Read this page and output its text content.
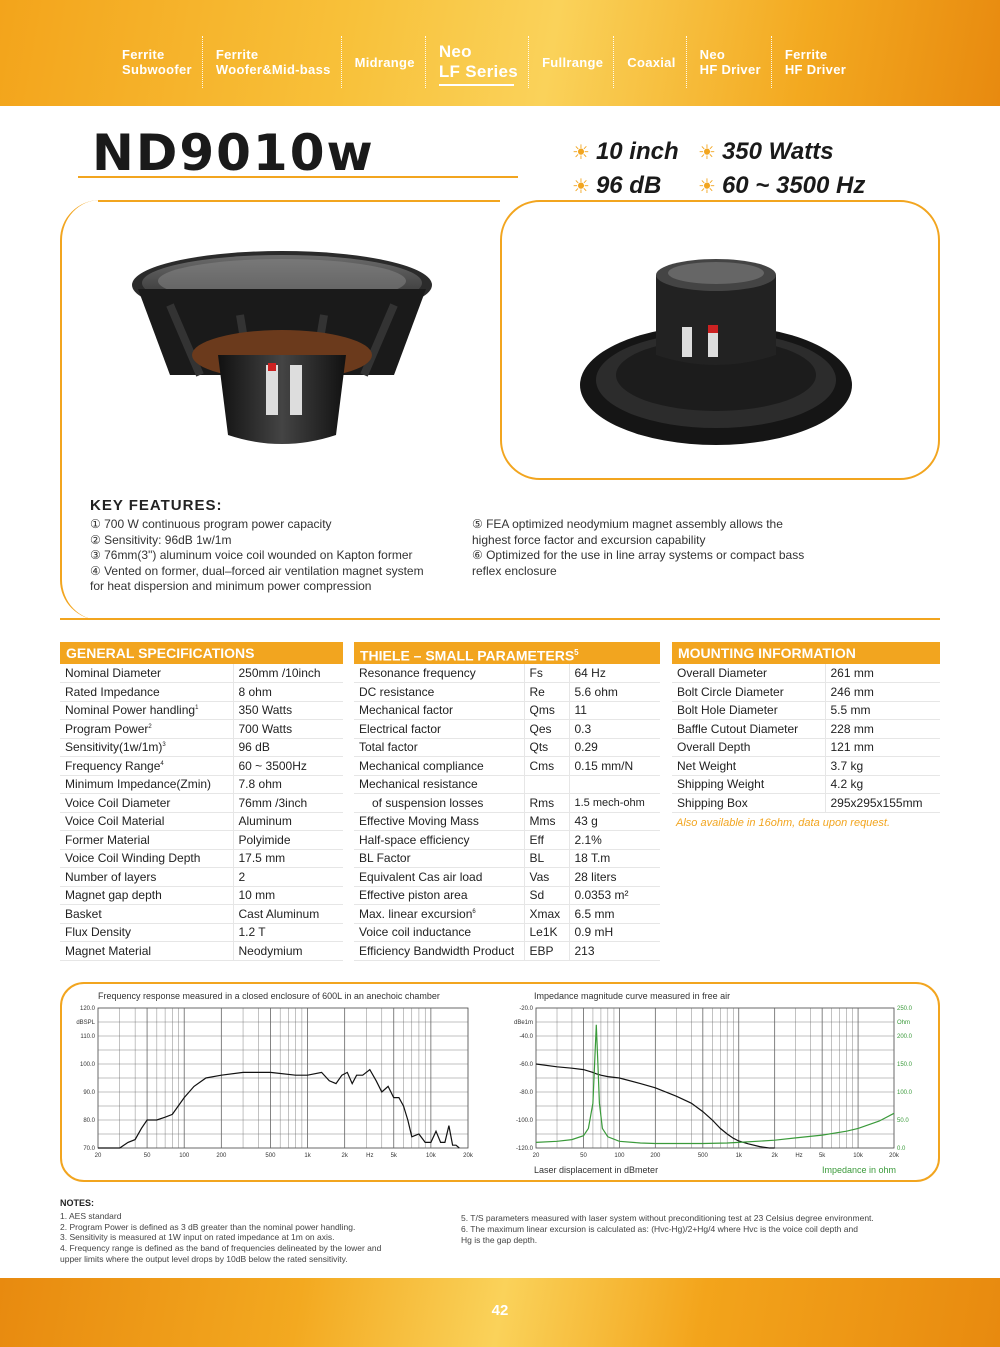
Ferrite
Subwoofer
Ferrite
Woofer&Mid-bass Midrange
Neo
LF Series Fullrange Coaxial Neo
HF Driver
Ferrite
HF Driver
ND9010w	☀ 10 inch ☀ 350 Watts
☀ 96 dB ☀ 60 ~ 3500 Hz
KEY FEATURES:
① 700 W continuous program power capacity
② Sensitivity: 96dB 1w/1m
③ 76mm(3") aluminum voice coil wounded on Kapton former
④ Vented on former, dual–forced air ventilation magnet system
for heat dispersion and minimum power compression
⑤ FEA optimized neodymium magnet assembly allows the
highest force factor and excursion capability
⑥ Optimized for the use in line array systems or compact bass
reflex enclosure
GENERAL SPECIFICATIONS
Nominal Diameter	250mm /10inch
Rated Impedance	8 ohm
Nominal Power handling$^1$	350 Watts
Program Power$^2$	700 Watts
$Sensitivity(1w/1m)^3$	96 dB
Frequency Range$^4$	60 ~ 3500Hz
Minimum Impedance(Zmin)	7.8 ohm
Voice Coil Diameter	76mm /3inch
Voice Coil Material	Aluminum
Former Material	Polyimide
Voice Coil Winding Depth	17.5 mm
Number of layers	2
Magnet gap depth	10 mm
Basket	Cast Aluminum
Flux Density	1.2 T
Magnet Material	Neodymium
THIELE – SMALL PARAMETERS$^5$
Resonance frequency	Fs	64 Hz
DC resistance	Re	5.6 ohm
Mechanical factor	Qms	11
Electrical factor	Qes	0.3
Total factor	Qts	0.29
Mechanical compliance	Cms	0.15 mm/N
Mechanical resistance		
of suspension losses	Rms	1.5 mech-ohm
Effective Moving Mass	Mms	43 g
Half-space efficiency	Eff	2.1%
BL Factor	BL	18 T.m
Equivalent Cas air load	Vas	28 liters
Effective piston area	Sd	0.0353 m²
Max. linear excursion$^6$	Xmax	6.5 mm
Voice coil inductance	Le1K	0.9 mH
Efficiency Bandwidth Product	EBP	213
MOUNTING INFORMATION
Overall Diameter	261 mm
Bolt Circle Diameter	246 mm
Bolt Hole Diameter	5.5 mm
Baffle Cutout Diameter	228 mm
Overall Depth	121 mm
Net Weight	3.7 kg
Shipping Weight	4.2 kg
Shipping Box	295x295x155mm
Also available in 16ohm, data upon request.
Frequency response measured in a closed enclosure of 600L in an anechoic chamber	Impedance magnitude curve measured in free air
20	50	100	200	500	1k	2k	Hz	5k	10k	20k
70.0
80.0
90.0
100.0
110.0
120.0
dBSPL
20	50	100	200	500	1k	2k	Hz	5k	10k	20k
-120.0
-100.0
-80.0
-60.0
-40.0
-20.0
dBe1m
0.0
50.0
100.0
150.0
200.0
250.0
Ohm
Laser displacement in dBmeter	Impedance in ohm
NOTES:
1. AES standard
2. Program Power is defined as 3 dB greater than the nominal power handling.
3. Sensitivity is measured at 1W input on rated impedance at 1m on axis.
4. Frequency range is defined as the band of frequencies delineated by the lower and
upper limits where the output level drops by 10dB below the rated sensitivity.
5. T/S parameters measured with laser system without preconditioning test at 23 Celsius degree environment.
6. The maximum linear excursion is calculated as: (Hvc-Hg)/2+Hg/4 where Hvc is the voice coil depth and
Hg is the gap depth.
42
